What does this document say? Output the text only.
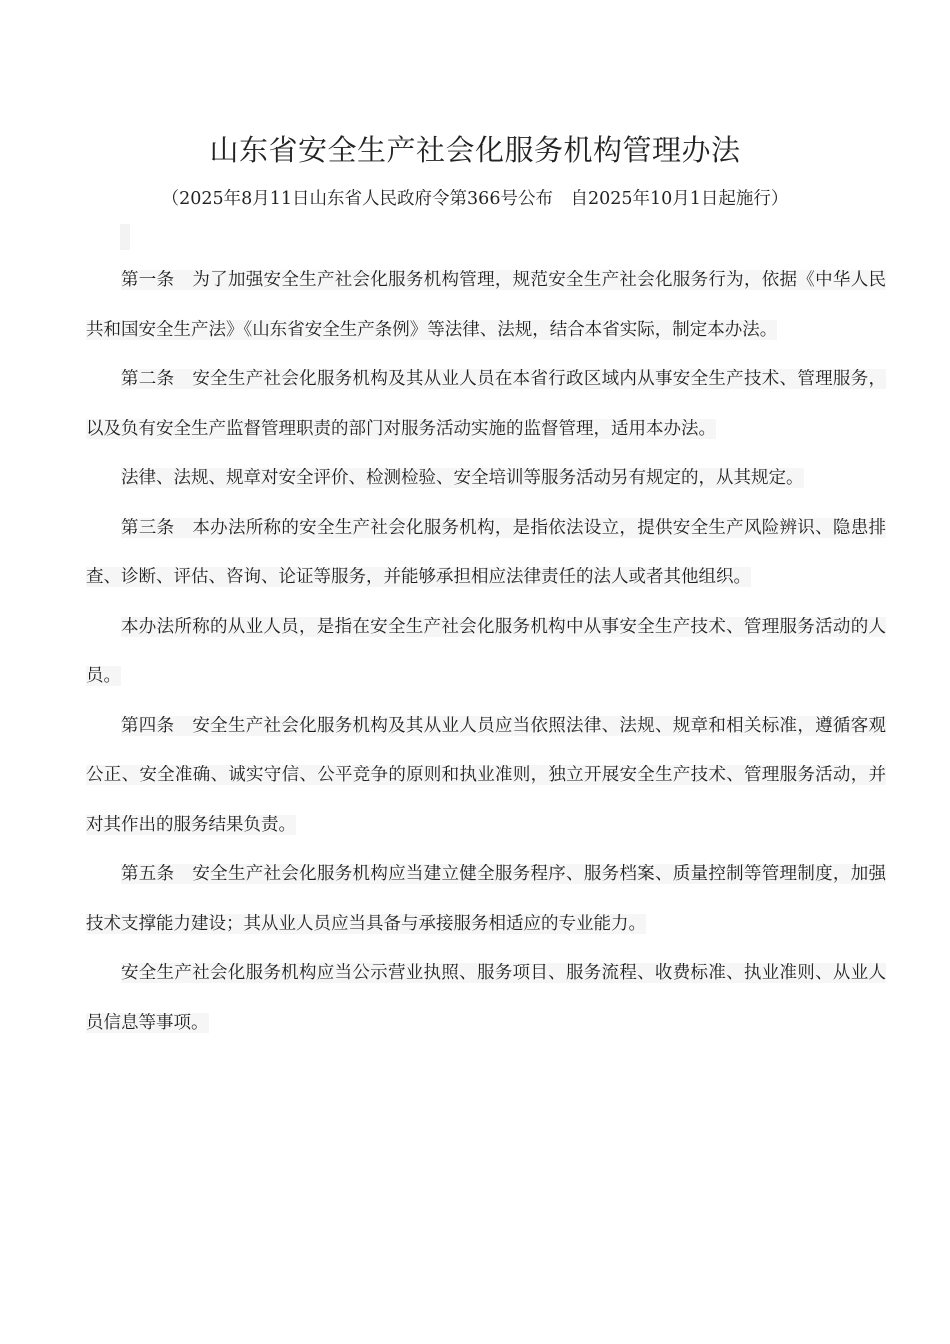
山东省安全生产社会化服务机构管理办法
（2025年8月11日山东省人民政府令第366号公布　自2025年10月1日起施行）

第一条 为了加强安全生产社会化服务机构管理，规范安全生产社会化服务行为，依据《中华人民共和国安全生产法》《山东省安全生产条例》等法律、法规，结合本省实际，制定本办法。

第二条 安全生产社会化服务机构及其从业人员在本省行政区域内从事安全生产技术、管理服务，以及负有安全生产监督管理职责的部门对服务活动实施的监督管理，适用本办法。

法律、法规、规章对安全评价、检测检验、安全培训等服务活动另有规定的，从其规定。

第三条 本办法所称的安全生产社会化服务机构，是指依法设立，提供安全生产风险辨识、隐患排查、诊断、评估、咨询、论证等服务，并能够承担相应法律责任的法人或者其他组织。

本办法所称的从业人员，是指在安全生产社会化服务机构中从事安全生产技术、管理服务活动的人员。

第四条 安全生产社会化服务机构及其从业人员应当依照法律、法规、规章和相关标准，遵循客观公正、安全准确、诚实守信、公平竞争的原则和执业准则，独立开展安全生产技术、管理服务活动，并对其作出的服务结果负责。

第五条 安全生产社会化服务机构应当建立健全服务程序、服务档案、质量控制等管理制度，加强技术支撑能力建设；其从业人员应当具备与承接服务相适应的专业能力。

安全生产社会化服务机构应当公示营业执照、服务项目、服务流程、收费标准、执业准则、从业人员信息等事项。
